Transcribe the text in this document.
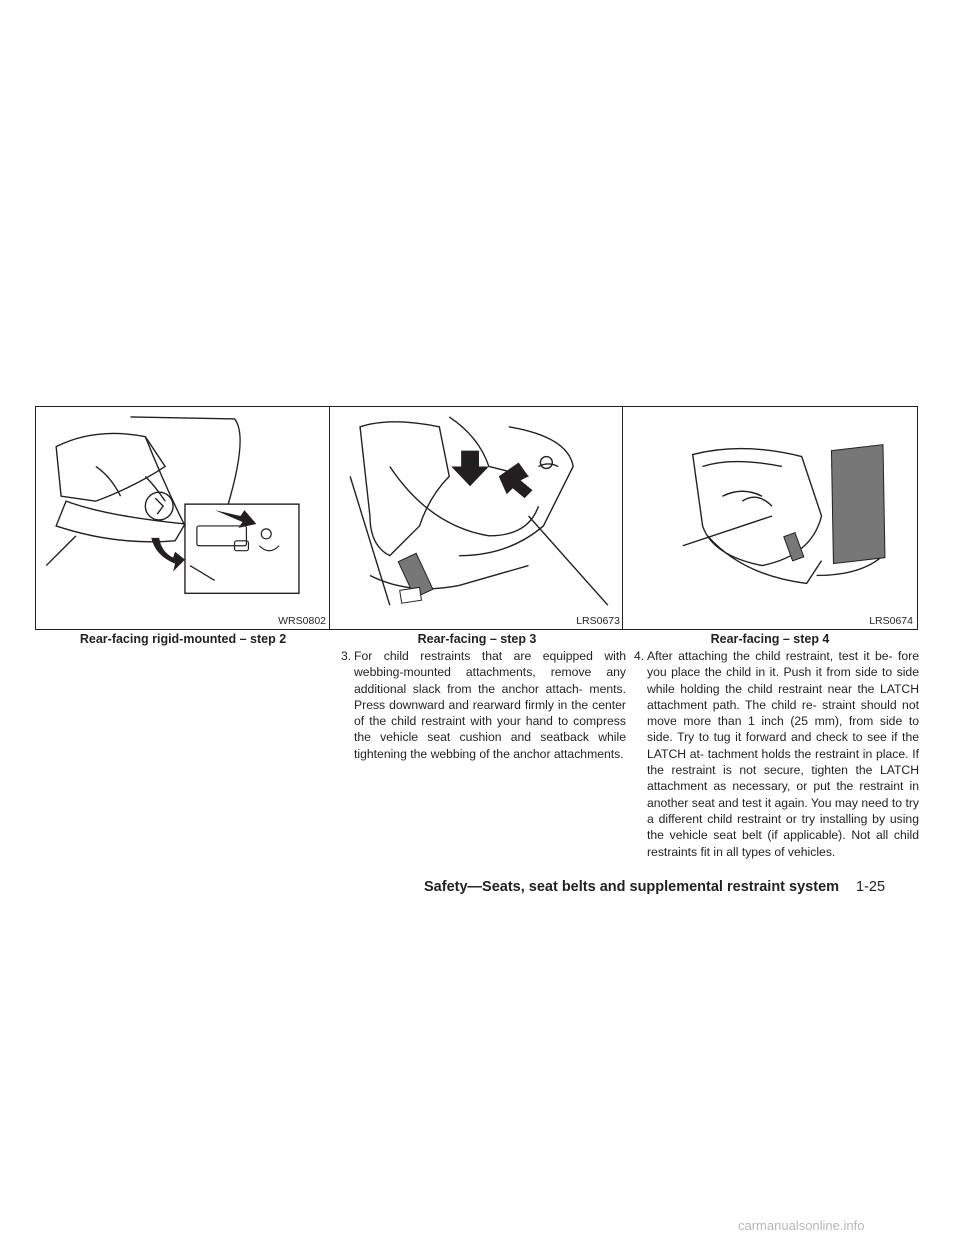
WRS0802
Rear-facing rigid-mounted – step 2
LRS0673
Rear-facing – step 3
LRS0674
Rear-facing – step 4
3. For child restraints that are equipped with webbing-mounted attachments, remove any additional slack from the anchor attach- ments. Press downward and rearward firmly in the center of the child restraint with your hand to compress the vehicle seat cushion and seatback while tightening the webbing of the anchor attachments.
4. After attaching the child restraint, test it be- fore you place the child in it. Push it from side to side while holding the child restraint near the LATCH attachment path. The child re- straint should not move more than 1 inch (25 mm), from side to side. Try to tug it forward and check to see if the LATCH at- tachment holds the restraint in place. If the restraint is not secure, tighten the LATCH attachment as necessary, or put the restraint in another seat and test it again. You may need to try a different child restraint or try installing by using the vehicle seat belt (if applicable). Not all child restraints fit in all types of vehicles.
Safety—Seats, seat belts and supplemental restraint system 1-25
carmanualsonline.info
